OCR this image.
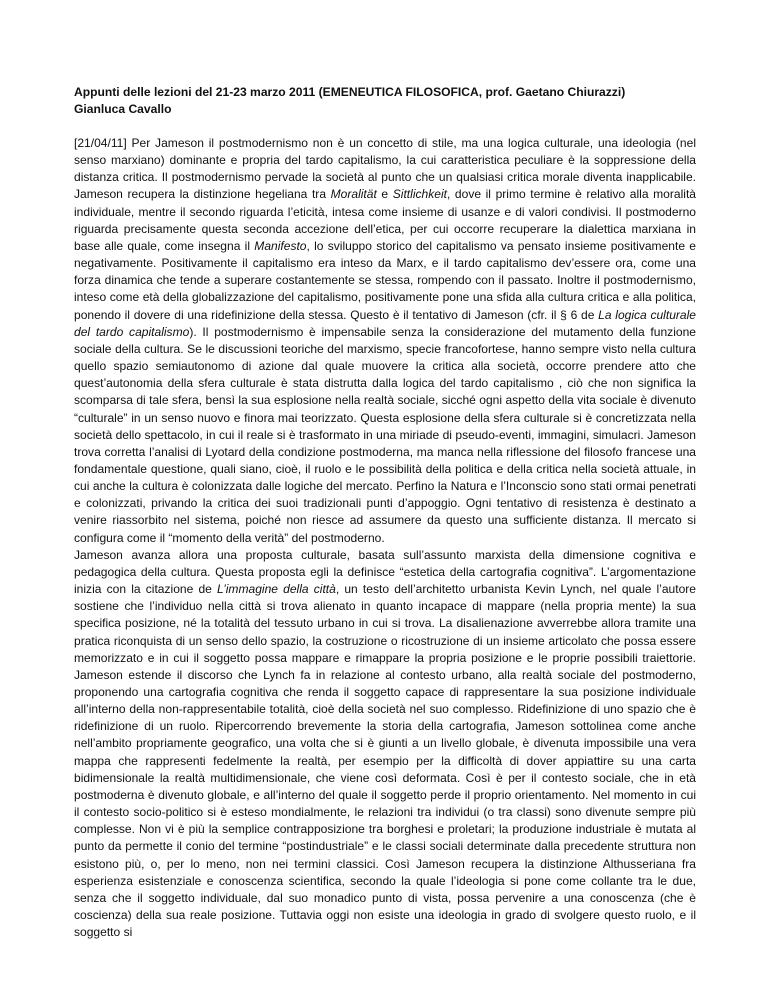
Appunti delle lezioni del 21-23 marzo 2011 (EMENEUTICA FILOSOFICA, prof. Gaetano Chiurazzi)

Gianluca Cavallo

[21/04/11] Per Jameson il postmodernismo non è un concetto di stile, ma una logica culturale, una ideologia (nel senso marxiano) dominante e propria del tardo capitalismo, la cui caratteristica peculiare è la soppressione della distanza critica. Il postmodernismo pervade la società al punto che un qualsiasi critica morale diventa inapplicabile. Jameson recupera la distinzione hegeliana tra Moralität e Sittlichkeit, dove il primo termine è relativo alla moralità individuale, mentre il secondo riguarda l’eticità, intesa come insieme di usanze e di valori condivisi. Il postmoderno riguarda precisamente questa seconda accezione dell’etica, per cui occorre recuperare la dialettica marxiana in base alle quale, come insegna il Manifesto, lo sviluppo storico del capitalismo va pensato insieme positivamente e negativamente. Positivamente il capitalismo era inteso da Marx, e il tardo capitalismo dev’essere ora, come una forza dinamica che tende a superare costantemente se stessa, rompendo con il passato. Inoltre il postmodernismo, inteso come età della globalizzazione del capitalismo, positivamente pone una sfida alla cultura critica e alla politica, ponendo il dovere di una ridefinizione della stessa. Questo è il tentativo di Jameson (cfr. il § 6 de La logica culturale del tardo capitalismo). Il postmodernismo è impensabile senza la considerazione del mutamento della funzione sociale della cultura. Se le discussioni teoriche del marxismo, specie francofortese, hanno sempre visto nella cultura quello spazio semiautonomo di azione dal quale muovere la critica alla società, occorre prendere atto che quest’autonomia della sfera culturale è stata distrutta dalla logica del tardo capitalismo , ciò che non significa la scomparsa di tale sfera, bensì la sua esplosione nella realtà sociale, sicché ogni aspetto della vita sociale è divenuto “culturale” in un senso nuovo e finora mai teorizzato. Questa esplosione della sfera culturale si è concretizzata nella società dello spettacolo, in cui il reale si è trasformato in una miriade di pseudo-eventi, immagini, simulacri. Jameson trova corretta l’analisi di Lyotard della condizione postmoderna, ma manca nella riflessione del filosofo francese una fondamentale questione, quali siano, cioè, il ruolo e le possibilità della politica e della critica nella società attuale, in cui anche la cultura è colonizzata dalle logiche del mercato. Perfino la Natura e l’Inconscio sono stati ormai penetrati e colonizzati, privando la critica dei suoi tradizionali punti d’appoggio. Ogni tentativo di resistenza è destinato a venire riassorbito nel sistema, poiché non riesce ad assumere da questo una sufficiente distanza. Il mercato si configura come il “momento della verità” del postmoderno.

Jameson avanza allora una proposta culturale, basata sull’assunto marxista della dimensione cognitiva e pedagogica della cultura. Questa proposta egli la definisce “estetica della cartografia cognitiva”. L’argomentazione inizia con la citazione de L’immagine della città, un testo dell’architetto urbanista Kevin Lynch, nel quale l’autore sostiene che l’individuo nella città si trova alienato in quanto incapace di mappare (nella propria mente) la sua specifica posizione, né la totalità del tessuto urbano in cui si trova. La disalienazione avverrebbe allora tramite una pratica riconquista di un senso dello spazio, la costruzione o ricostruzione di un insieme articolato che possa essere memorizzato e in cui il soggetto possa mappare e rimappare la propria posizione e le proprie possibili traiettorie. Jameson estende il discorso che Lynch fa in relazione al contesto urbano, alla realtà sociale del postmoderno, proponendo una cartografia cognitiva che renda il soggetto capace di rappresentare la sua posizione individuale all’interno della non-rappresentabile totalità, cioè della società nel suo complesso. Ridefinizione di uno spazio che è ridefinizione di un ruolo. Ripercorrendo brevemente la storia della cartografia, Jameson sottolinea come anche nell’ambito propriamente geografico, una volta che si è giunti a un livello globale, è divenuta impossibile una vera mappa che rappresenti fedelmente la realtà, per esempio per la difficoltà di dover appiattire su una carta bidimensionale la realtà multidimensionale, che viene così deformata. Così è per il contesto sociale, che in età postmoderna è divenuto globale, e all’interno del quale il soggetto perde il proprio orientamento. Nel momento in cui il contesto socio-politico si è esteso mondialmente, le relazioni tra individui (o tra classi) sono divenute sempre più complesse. Non vi è più la semplice contrapposizione tra borghesi e proletari; la produzione industriale è mutata al punto da permette il conio del termine “postindustriale” e le classi sociali determinate dalla precedente struttura non esistono più, o, per lo meno, non nei termini classici. Così Jameson recupera la distinzione Althusseriana fra esperienza esistenziale e conoscenza scientifica, secondo la quale l’ideologia si pone come collante tra le due, senza che il soggetto individuale, dal suo monadico punto di vista, possa pervenire a una conoscenza (che è coscienza) della sua reale posizione. Tuttavia oggi non esiste una ideologia in grado di svolgere questo ruolo, e il soggetto si
